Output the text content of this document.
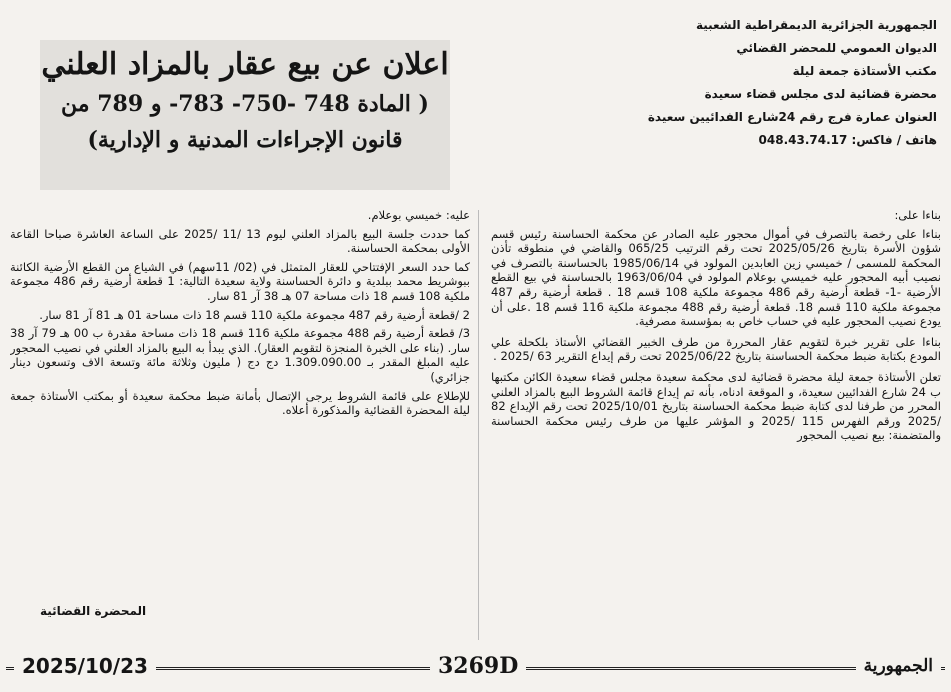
الجمهورية الجزائرية الديمقراطية الشعبية
الديوان العمومي للمحضر القضائي
مكتب الأستاذة جمعة ليلة
محضرة قضائية لدى مجلس قضاء سعيدة
العنوان عمارة فرج رقم 24شارع الفدائيين سعيدة
هاتف / فاكس: 048.43.74.17
اعلان عن بيع عقار بالمزاد العلني
( المادة 748 -750- 783- و 789 من
قانون الإجراءات المدنية و الإدارية)

بناءا على:

بناءا على رخصة بالتصرف في أموال محجور عليه الصادر عن محكمة الحساسنة رئيس قسم شؤون الأسرة بتاريخ 2025/05/26 تحت رقم الترتيب 065/25 والقاضي في منطوقه تأذن المحكمة للمسمى / خميسي زين العابدين المولود في 1985/06/14 بالحساسنة بالتصرف في نصيب أبيه المحجور عليه خميسي بوعلام المولود في 1963/06/04 بالحساسنة في بيع القطع الأرضية -1- قطعة أرضية رقم 486 مجموعة ملكية 108 قسم 18 . قطعة أرضية رقم 487 مجموعة ملكية 110 قسم 18. قطعة أرضية رقم 488 مجموعة ملكية 116 قسم 18 .على أن يودع نصيب المحجور عليه في حساب خاص به بمؤسسة مصرفية.

بناءا على تقرير خبرة لتقويم عقار المحررة من طرف الخبير القضائي الأستاذ بلكحلة علي المودع بكتابة ضبط محكمة الحساسنة بتاريخ 2025/06/22 تحت رقم إيداع التقرير 63 /2025 .

تعلن الأستاذة جمعة ليلة محضرة قضائية لدى محكمة سعيدة مجلس قضاء سعيدة الكائن مكتبها ب 24 شارع الفدائيين سعيدة، و الموقعة ادناه، بأنه تم إيداع قائمة الشروط البيع بالمزاد العلني المحرر من طرفنا لدى كتابة ضبط محكمة الحساسنة بتاريخ 2025/10/01 تحت رقم الإيداع 82 /2025 ورقم الفهرس 115 /2025 و المؤشر عليها من طرف رئيس محكمة الحساسنة والمتضمنة: بيع نصيب المحجور

عليه: خميسي بوعلام.

كما حددت جلسة البيع بالمزاد العلني ليوم 13 /11 /2025 على الساعة العاشرة صباحا القاعة الأولى بمحكمة الحساسنة.

كما حدد السعر الإفتتاحي للعقار المتمثل في (02/ 11سهم) في الشياع من القطع الأرضية الكائنة ببوشريط محمد ببلدية و دائرة الحساسنة ولاية سعيدة التالية: 1 قطعة أرضية رقم 486 مجموعة ملكية 108 قسم 18 ذات مساحة 07 هـ 38 آر 81 سار.

2 /قطعة أرضية رقم 487 مجموعة ملكية 110 قسم 18 ذات مساحة 01 هـ 81 آر 81 سار.

3/ قطعة أرضية رقم 488 مجموعة ملكية 116 قسم 18 ذات مساحة مقدرة ب 00 هـ 79 آر 38 سار. (بناء على الخبرة المنجزة لتقويم العقار). الذي يبدأ به البيع بالمزاد العلني في نصيب المحجور عليه المبلغ المقدر بـ 1.309.090.00 دج دج ( مليون وثلاثة مائة وتسعة الاف وتسعون دينار جزائري)

للإطلاع على قائمة الشروط يرجى الإتصال بأمانة ضبط محكمة سعيدة أو بمكتب الأستاذة جمعة ليلة المحضرة القضائية والمذكورة أعلاه.

المحضرة القضائية
2025/10/23	3269D	الجمهورية
